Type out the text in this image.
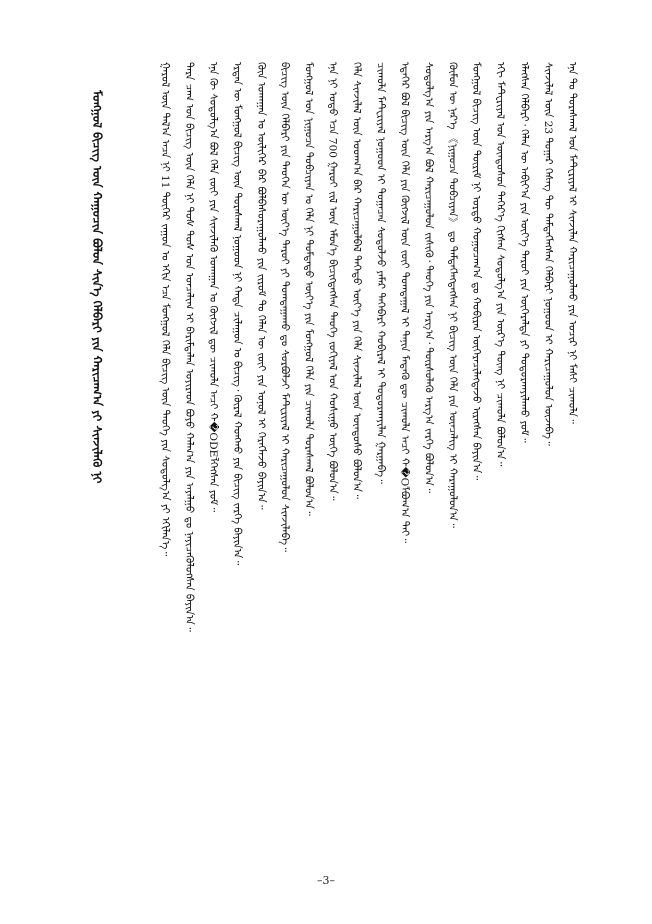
ᠮᠣᠩᠭᠣᠯ ᠪᠢᠴᠢᠭ ᠦᠨ ᠬᠠᠭᠤᠴᠢᠨ ᠪᠤᠯᠤᠨ ᠰᠢᠨ᠎ᠡ ᠬᠡᠯᠪᠡᠷᠢ ᠶᠢᠨ ᠬᠠᠷᠢᠴᠠᠭ᠎ᠠ ᠶᠢ ᠰᠢᠨᠵᠢᠯᠡᠬᠦ ᠨᠢ	ᠭᠠᠷᠤᠯ ᠦᠨ ᠲᠠᠯ᠎ᠠ ᠠᠴᠠ ᠨᠢ 11 ᠳᠦᠭᠡᠷ ᠵᠠᠭᠤᠨ ᠤ ᠡᠬᠢᠨ ᠡᠴᠡ ᠮᠣᠩᠭᠣᠯ ᠬᠡᠯᠡ ᠪᠢᠴᠢᠭ ᠦᠨ ᠲᠡᠦᠬᠡ ᠶᠢᠨ ᠰᠤᠳᠤᠯᠭ᠎ᠠ ᠶᠢ ᠡᠬᠢᠯᠡᠨ᠎ᠡ᠃ ᠲᠡᠷᠡ ᠴᠠᠭ ᠤᠨ ᠪᠢᠴᠢᠭ ᠦᠨ ᠬᠡᠯᠡ ᠨᠢ ᠲᠤᠰ ᠲᠤᠰ ᠤᠨ ᠤᠨᠴᠠᠯᠢᠭ ᠢ ᠪᠠᠷᠢᠮᠲᠠᠯᠠᠨ ᠣᠶᠢᠷᠠᠳ ᠪᠤᠶᠤ ᠬᠠᠯᠬ᠎ᠠ ᠶᠢᠨ ᠠᠶᠠᠯᠭᠤ ᠳᠤ ᠨᠡᠶᠢᠴᠡᠭᠦᠯᠦᠭᠰᠡᠨ ᠪᠠᠶᠢᠨ᠎ᠠ᠃ ᠡᠨᠡ ᠬᠦ ᠰᠤᠳᠤᠯᠭ᠎ᠠ ᠪᠣᠯ ᠬᠡᠯᠡ ᠵᠦᠢ ᠶᠢᠨ ᠰᠢᠨᠵᠢᠯᠡᠬᠦ ᠤᠬᠠᠭᠠᠨ ᠤ ᠬᠦᠭᠵᠢᠯ ᠳᠦ ᠴᠢᠬᠤᠯᠠ ᠠᠴᠢ ᠬ�ODEᠯᠭᠡᠭᠰᠡᠨ ᠶᠤᠮ᠃ ᠡᠷᠲᠡᠨ ᠦ ᠮᠣᠩᠭᠣᠯ ᠪᠢᠴᠢᠭ ᠦᠨ ᠳᠤᠷᠠᠰᠬᠠᠯ ᠨᠤᠭᠤᠳ ᠨᠢ ᠬᠠᠳᠠ ᠴᠢᠯᠠᠭᠤᠨ ᠤ ᠪᠢᠴᠢᠭ᠂ ᠬᠦᠷᠡᠯ ᠬᠤᠩᠬᠤ ᠶᠢᠨ ᠪᠢᠴᠢᠭ ᠵᠡᠷᠭᠡ ᠪᠠᠶᠢᠨ᠎ᠠ᠃ ᠭᠦᠨ ᠤᠬᠠᠭᠠᠨ ᠤ ᠦᠯᠢᠭᠡᠷ ᠪᠠᠷ ᠪᠣᠯᠪᠠᠰᠤᠷᠠᠭᠤᠯᠬᠤ ᠶᠢᠨ ᠵᠢᠷᠤᠮ ᠲᠤ ᠬᠡᠯᠡᠨ ᠦ ᠵᠦᠢ ᠶᠢᠨ ᠣᠨᠣᠯ ᠢ ᠬᠡᠷᠡᠭᠯᠡᠵᠦ ᠪᠠᠶᠢᠨ᠎ᠠ᠃ ᠪᠢᠴᠢᠭ ᠦᠨ ᠬᠡᠯᠪᠡᠷᠢ ᠶᠢᠨ ᠲᠡᠦᠬᠡᠨ ᠦ ᠦᠶ᠎ᠡ ᠳᠠᠷᠤᠢ ᠶᠢ ᠲᠣᠭᠲᠠᠭᠠᠬᠤ ᠳᠤ ᠰᠤᠷᠪᠤᠯᠵᠢ ᠮᠠᠲᠸᠷᠢᠶᠠᠯ ᠢ ᠬᠠᠷᠢᠴᠠᠭᠤᠯᠤᠨ ᠰᠢᠨᠵᠢᠯᠡᠪᠡ᠃ ᠮᠣᠩᠭᠣᠯ ᠤᠨ ᠨᠢᠭᠤᠴᠠ ᠲᠣᠪᠴᠢᠶᠠᠨ ᠤ ᠬᠡᠯᠡ ᠨᠢ ᠳᠤᠮᠳᠠᠳᠤ ᠦᠶ᠎ᠡ ᠶᠢᠨ ᠮᠣᠩᠭᠣᠯ ᠬᠡᠯᠡ ᠶᠢᠨ ᠴᠢᠬᠤᠯᠠ ᠳᠤᠷᠠᠰᠬᠠᠯ ᠪᠣᠯᠤᠨ᠎ᠠ᠃ ᠡᠨᠡ ᠨᠢ ᠣᠳᠣ ᠡᠴᠡ 700 ᠭᠠᠷᠤᠢ ᠵᠢᠯ ᠦᠨ ᠡᠮᠦᠨ᠎ᠡ ᠪᠢᠴᠢᠭᠳᠡᠭᠰᠡᠨ ᠲᠡᠦᠬᠡ ᠵᠣᠬᠢᠶᠠᠯ ᠤᠨ ᠬᠣᠰᠢᠭᠤ ᠦᠭᠡ ᠪᠣᠯᠤᠨ᠎ᠠ᠃ ᠬᠡᠯᠡ ᠰᠢᠨᠵᠢᠯᠡᠯ ᠦᠨ ᠤᠳᠬ᠎ᠠ ᠪᠡᠷ ᠬᠠᠷᠢᠴᠠᠭᠤᠯᠪᠠᠯ ᠳᠡᠭᠡᠳᠦ ᠦᠶ᠎ᠡ ᠶᠢᠨ ᠬᠡᠯᠡ ᠰᠢᠨᠵᠢᠯᠡᠯ ᠦᠨ ᠦᠨᠳᠦᠰᠦ ᠪᠣᠯᠤᠨ᠎ᠠ᠃ ᠴᠢᠬᠤᠯᠠ ᠮᠠᠲᠸᠷᠢᠶᠠᠯ ᠨᠤᠭᠤᠳ ᠢ ᠲᠣᠭᠠᠴᠠᠨ ᠰᠤᠳᠤᠯᠵᠤ ᠶᠠᠮᠠᠷ ᠲᠡᠭᠡᠪᠡᠷᠢ ᠬᠤᠪᠢᠷᠠᠯ ᠢ ᠲᠣᠳᠤᠷᠬᠠᠶᠢᠯᠠᠨ ᠭᠠᠷᠭᠠᠪᠠ᠃ ᠡᠳᠡᠭᠡᠷ ᠪᠣᠯ ᠪᠢᠴᠢᠭ ᠦᠨ ᠬᠡᠯᠡ ᠶᠢᠨ ᠬᠦᠭᠵᠢᠯ ᠦᠨ ᠵᠦᠢ ᠲᠣᠭᠲᠠᠭᠠᠯ ᠢ ᠲᠠᠨᠢᠨ ᠮᠡᠳᠡᠬᠦ ᠳᠦ ᠴᠢᠬᠤᠯᠠ ᠠᠴᠢ ᠬ�Oᠯᠪᠤᠭ᠎ᠠ ᠲᠠᠢ᠃ ᠰᠤᠳᠤᠯᠭ᠎ᠠ ᠶᠢᠨ ᠠᠷᠭ᠎ᠠ ᠪᠣᠯ ᠬᠠᠷᠢᠴᠠᠭᠤᠯᠤᠨ ᠵᠢᠱᠢᠬᠦ᠂ ᠲᠡᠦᠬᠡ ᠶᠢᠨ ᠠᠷᠭ᠎ᠠ᠂ ᠳᠦᠷᠰᠦᠯᠡᠬᠦ ᠠᠷᠭ᠎ᠠ ᠵᠡᠷᠭᠡ ᠪᠣᠯᠤᠨ᠎ᠠ᠃ ᠬᠦᠮᠦᠨ ᠦ ᠨᠡᠷ᠎ᠡ 《ᠨᠢᠭᠤᠴᠠ ᠲᠣᠪᠴᠢᠶᠠᠨ》 ᠳᠤ ᠲᠡᠮᠳᠡᠭᠯᠡᠭᠳᠡᠭᠰᠡᠨ ᠨᠢ ᠪᠢᠴᠢᠭ ᠦᠨ ᠬᠡᠯᠡ ᠶᠢᠨ ᠦᠨᠴᠡᠯᠢᠭ ᠢ ᠬᠠᠷᠠᠭᠤᠯᠤᠨ᠎ᠠ᠃ ᠮᠣᠩᠭᠣᠯ ᠪᠢᠴᠢᠭ ᠦᠨ ᠳᠦᠷᠢᠮ ᠨᠢ ᠤᠷᠲᠤ ᠬᠤᠭᠤᠴᠠᠭ᠎ᠠ ᠳᠤ ᠬᠤᠪᠢᠷᠠᠨ ᠥᠭᠡᠷᠡᠴᠢᠯᠡᠭᠳᠡᠵᠦ ᠢᠷᠡᠭᠰᠡᠨ ᠪᠠᠶᠢᠨ᠎ᠠ᠃ ᠡᠬᠢ ᠮᠠᠲᠸᠷᠢᠶᠠᠯ ᠤᠨ ᠦᠨᠳᠦᠰᠦᠨ ᠳᠡᠭᠡᠷ᠎ᠡ ᠬᠢᠭᠰᠡᠨ ᠰᠤᠳᠤᠯᠭ᠎ᠠ ᠶᠢᠨ ᠦᠷ᠎ᠡ ᠳᠦᠩ ᠨᠢ ᠴᠢᠬᠤᠯᠠ ᠪᠣᠯᠤᠨ᠎ᠠ᠃ ᠡᠯᠡᠭᠰᠡᠨ ᠬᠡᠯᠪᠡᠷᠢ᠂ ᠬᠡᠯᠡᠨ ᠦ ᠠᠪᠢᠶ᠎ᠠ ᠶᠢᠨ ᠦᠶ᠎ᠡ ᠳᠠᠷᠤᠢ ᠶᠢᠨ ᠥᠭᠡᠷᠡᠯᠲᠡ ᠶᠢ ᠲᠣᠳᠤᠷᠬᠠᠶᠢᠯᠠᠬᠤ ᠶᠤᠮ᠃ ᠰᠢᠨᠵᠢᠯᠡᠯ ᠦᠨ 23 ᠳᠤᠭᠠᠷ ᠬᠡᠰᠡᠭ ᠲᠦ ᠲᠡᠮᠳᠡᠭᠯᠡᠭᠰᠡᠨ ᠬᠡᠯᠪᠡᠷᠢ ᠨᠤᠭᠤᠳ ᠢ ᠬᠠᠷᠢᠴᠠᠭᠤᠯᠤᠨ ᠦᠵᠡᠪᠡ᠃ ᠡᠨᠡ ᠲᠤ ᠳᠤᠷᠠᠰᠬᠠᠯ ᠤᠨ ᠮᠠᠲᠸᠷᠢᠶᠠᠯ ᠢ ᠰᠢᠨᠵᠢᠯᠡᠨ ᠬᠠᠷᠢᠴᠠᠭᠤᠯᠬᠤ ᠶᠢᠨ ᠤᠴᠢᠷ ᠨᠢ ᠮᠠᠰᠢ ᠴᠢᠬᠤᠯᠠ᠃
–3–
